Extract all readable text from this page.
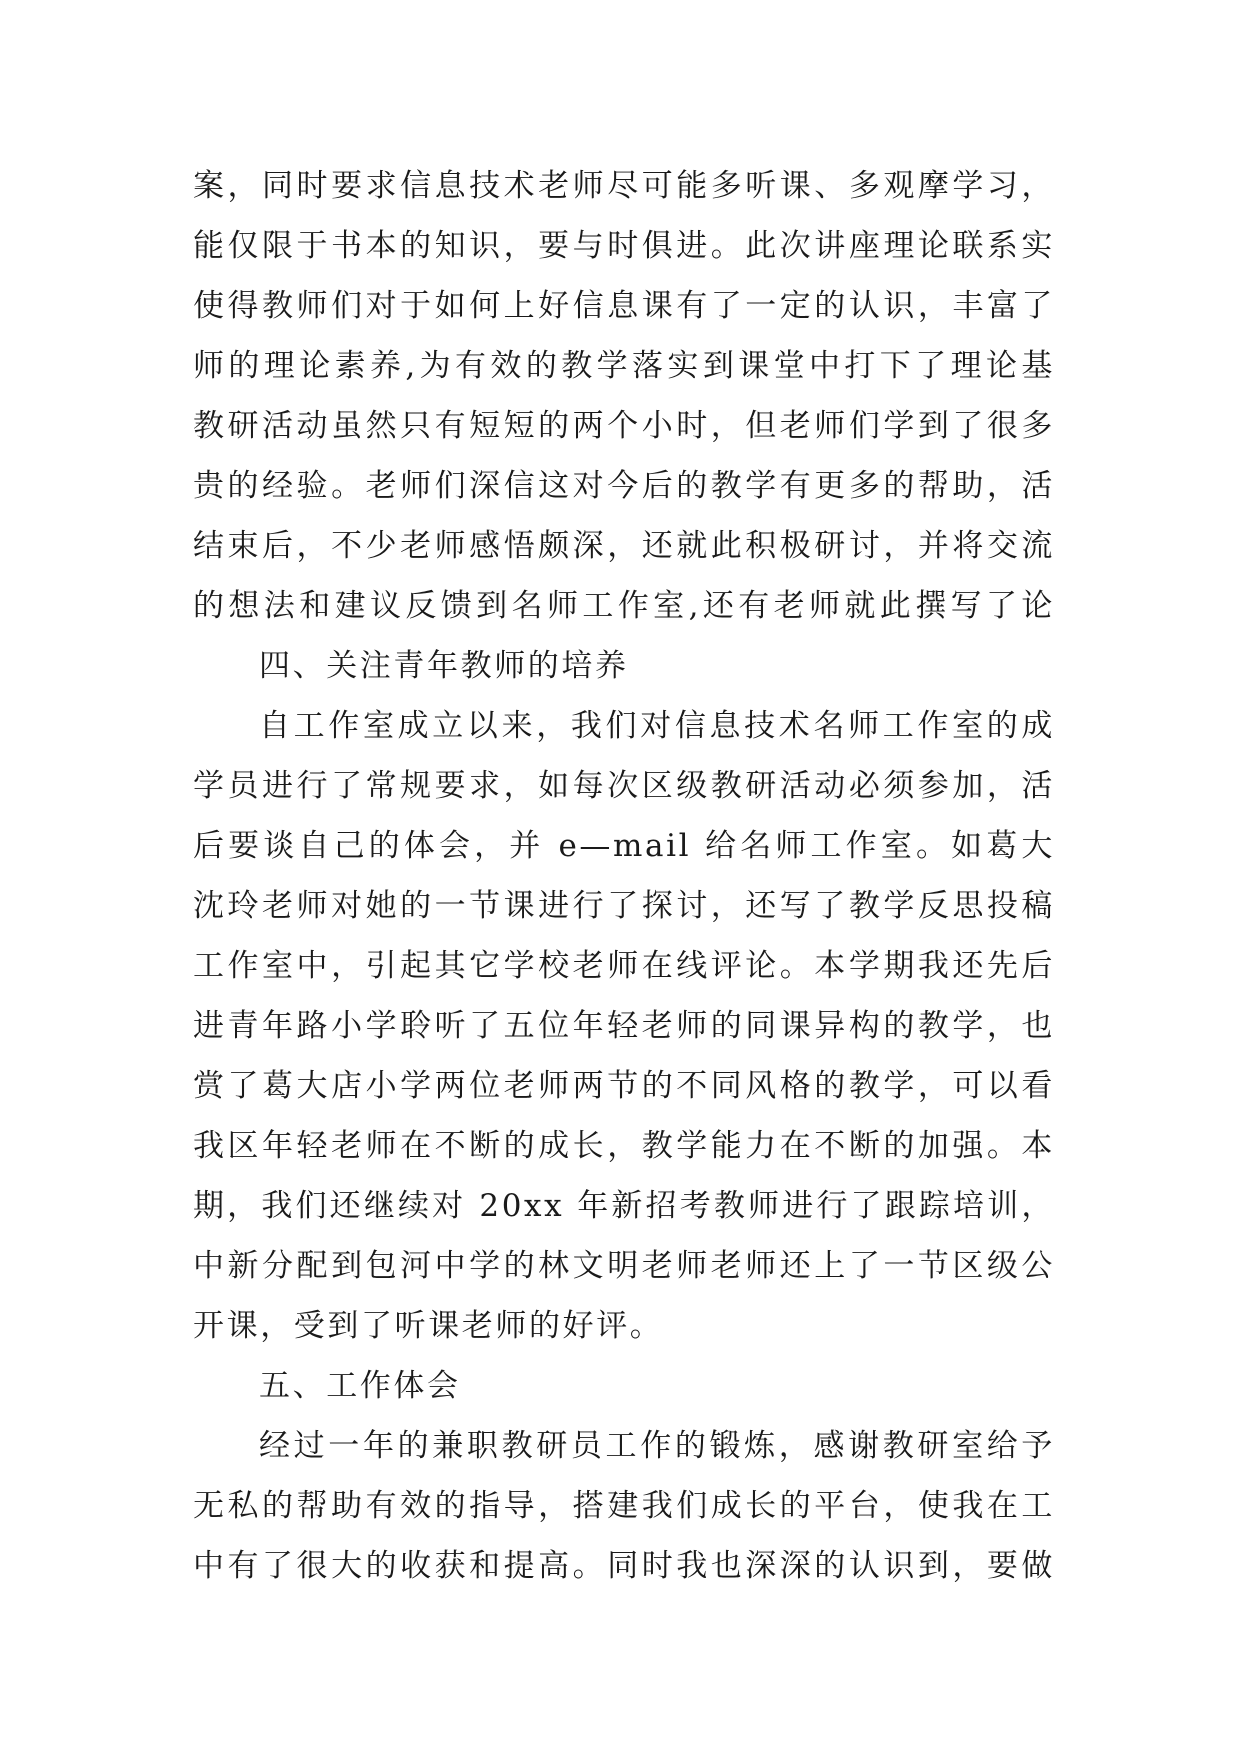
案，同时要求信息技术老师尽可能多听课、多观摩学习，
能仅限于书本的知识，要与时俱进。此次讲座理论联系实
使得教师们对于如何上好信息课有了一定的认识，丰富了
师的理论素养,为有效的教学落实到课堂中打下了理论基
教研活动虽然只有短短的两个小时，但老师们学到了很多
贵的经验。老师们深信这对今后的教学有更多的帮助，活
结束后，不少老师感悟颇深，还就此积极研讨，并将交流
的想法和建议反馈到名师工作室,还有老师就此撰写了论
四、关注青年教师的培养
自工作室成立以来，我们对信息技术名师工作室的成
学员进行了常规要求，如每次区级教研活动必须参加，活
后要谈自己的体会，并 e—mail 给名师工作室。如葛大
沈玲老师对她的一节课进行了探讨，还写了教学反思投稿
工作室中，引起其它学校老师在线评论。本学期我还先后
进青年路小学聆听了五位年轻老师的同课异构的教学，也
赏了葛大店小学两位老师两节的不同风格的教学，可以看
我区年轻老师在不断的成长，教学能力在不断的加强。本
期，我们还继续对 20xx 年新招考教师进行了跟踪培训，
中新分配到包河中学的林文明老师老师还上了一节区级公
开课，受到了听课老师的好评。
五、工作体会
经过一年的兼职教研员工作的锻炼，感谢教研室给予
无私的帮助有效的指导，搭建我们成长的平台，使我在工
中有了很大的收获和提高。同时我也深深的认识到，要做
